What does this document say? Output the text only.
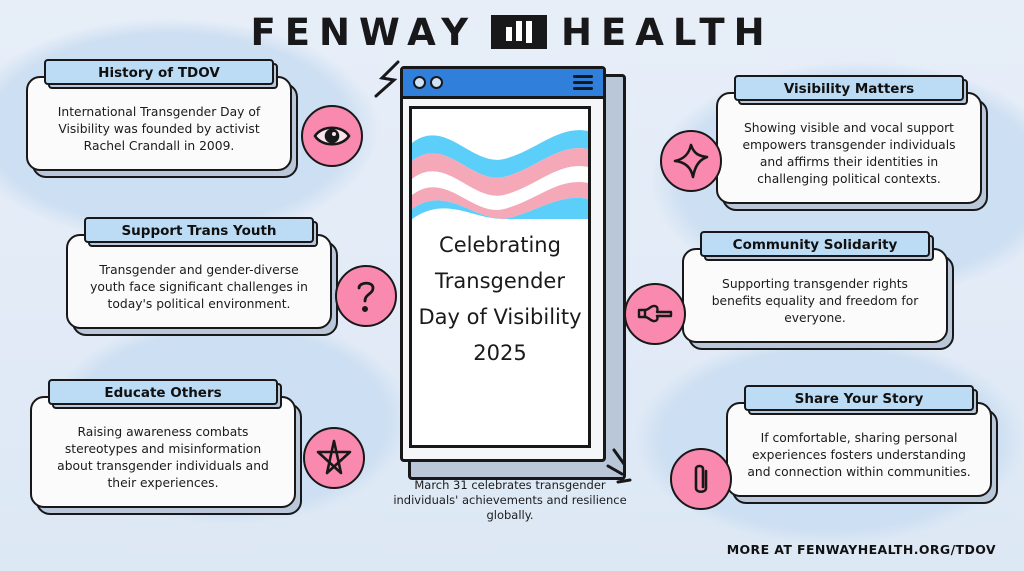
FENWAY HEALTH
Celebrating Transgender Day of Visibility 2025
March 31 celebrates transgender individuals' achievements and resilience globally.
History of TDOV
International Transgender Day of Visibility was founded by activist Rachel Crandall in 2009.
Support Trans Youth
Transgender and gender-diverse youth face significant challenges in today's political environment.
Educate Others
Raising awareness combats stereotypes and misinformation about transgender individuals and their experiences.
Visibility Matters
Showing visible and vocal support empowers transgender individuals and affirms their identities in challenging political contexts.
Community Solidarity
Supporting transgender rights benefits equality and freedom for everyone.
Share Your Story
If comfortable, sharing personal experiences fosters understanding and connection within communities.
MORE AT FENWAYHEALTH.ORG/TDOV
